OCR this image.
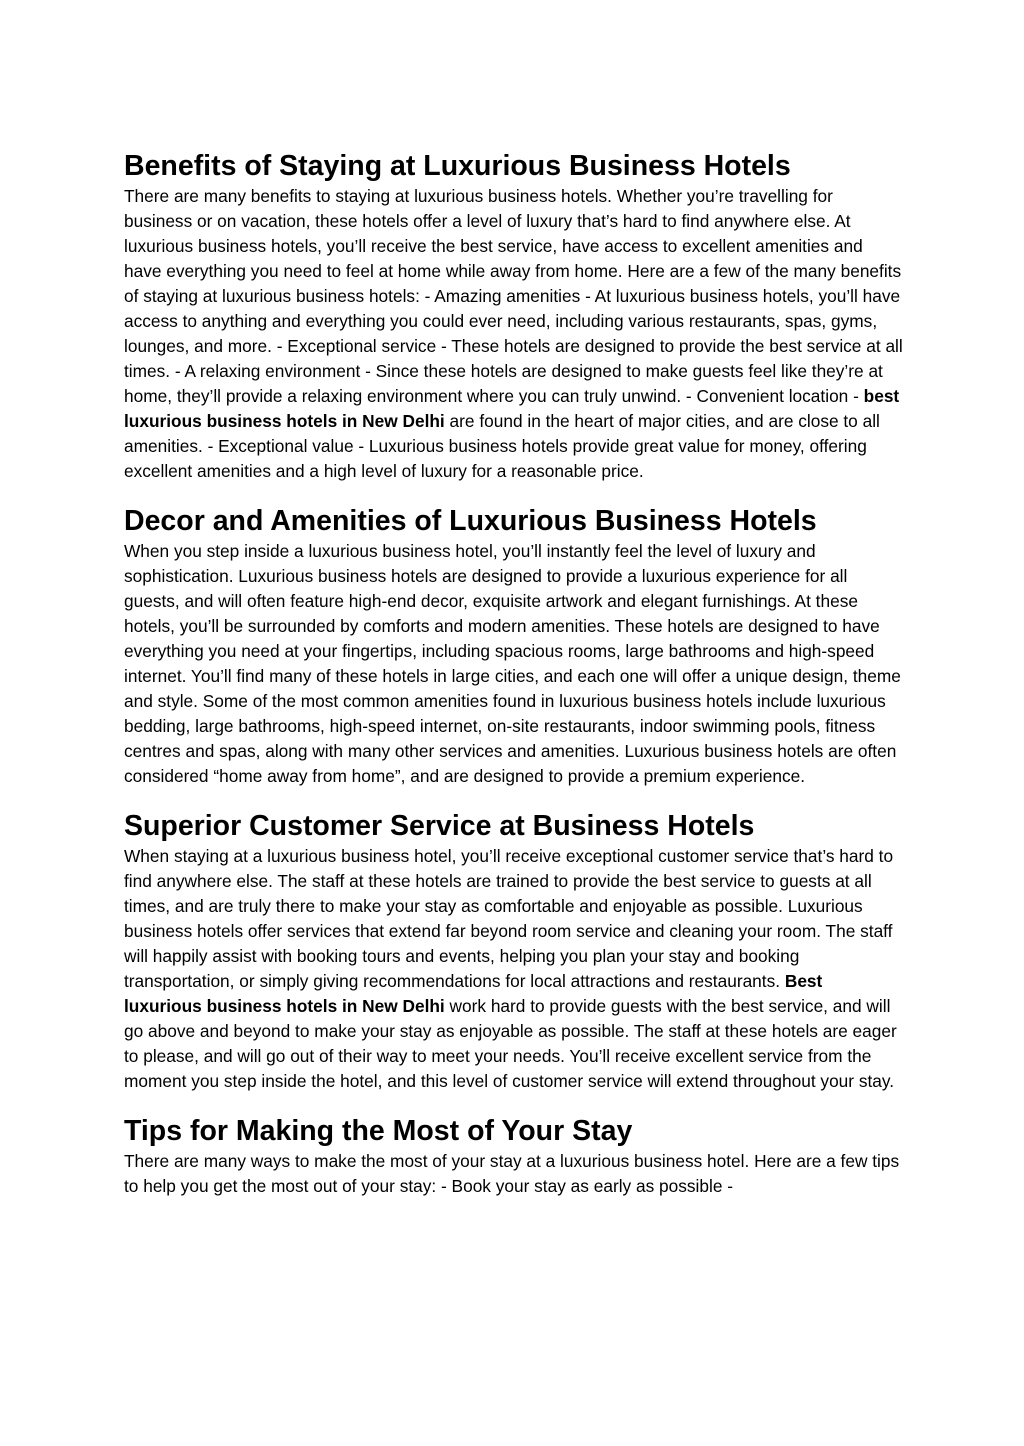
Benefits of Staying at Luxurious Business Hotels

There are many benefits to staying at luxurious business hotels. Whether you’re travelling for business or on vacation, these hotels offer a level of luxury that’s hard to find anywhere else. At luxurious business hotels, you’ll receive the best service, have access to excellent amenities and have everything you need to feel at home while away from home. Here are a few of the many benefits of staying at luxurious business hotels: - Amazing amenities - At luxurious business hotels, you’ll have access to anything and everything you could ever need, including various restaurants, spas, gyms, lounges, and more. - Exceptional service - These hotels are designed to provide the best service at all times. - A relaxing environment - Since these hotels are designed to make guests feel like they’re at home, they’ll provide a relaxing environment where you can truly unwind. - Convenient location - best luxurious business hotels in New Delhi are found in the heart of major cities, and are close to all amenities. - Exceptional value - Luxurious business hotels provide great value for money, offering excellent amenities and a high level of luxury for a reasonable price.

Decor and Amenities of Luxurious Business Hotels

When you step inside a luxurious business hotel, you’ll instantly feel the level of luxury and sophistication. Luxurious business hotels are designed to provide a luxurious experience for all guests, and will often feature high-end decor, exquisite artwork and elegant furnishings. At these hotels, you’ll be surrounded by comforts and modern amenities. These hotels are designed to have everything you need at your fingertips, including spacious rooms, large bathrooms and high-speed internet. You’ll find many of these hotels in large cities, and each one will offer a unique design, theme and style. Some of the most common amenities found in luxurious business hotels include luxurious bedding, large bathrooms, high-speed internet, on-site restaurants, indoor swimming pools, fitness centres and spas, along with many other services and amenities. Luxurious business hotels are often considered “home away from home”, and are designed to provide a premium experience.

Superior Customer Service at Business Hotels

When staying at a luxurious business hotel, you’ll receive exceptional customer service that’s hard to find anywhere else. The staff at these hotels are trained to provide the best service to guests at all times, and are truly there to make your stay as comfortable and enjoyable as possible. Luxurious business hotels offer services that extend far beyond room service and cleaning your room. The staff will happily assist with booking tours and events, helping you plan your stay and booking transportation, or simply giving recommendations for local attractions and restaurants. Best luxurious business hotels in New Delhi work hard to provide guests with the best service, and will go above and beyond to make your stay as enjoyable as possible. The staff at these hotels are eager to please, and will go out of their way to meet your needs. You’ll receive excellent service from the moment you step inside the hotel, and this level of customer service will extend throughout your stay.

Tips for Making the Most of Your Stay

There are many ways to make the most of your stay at a luxurious business hotel. Here are a few tips to help you get the most out of your stay: - Book your stay as early as possible -
